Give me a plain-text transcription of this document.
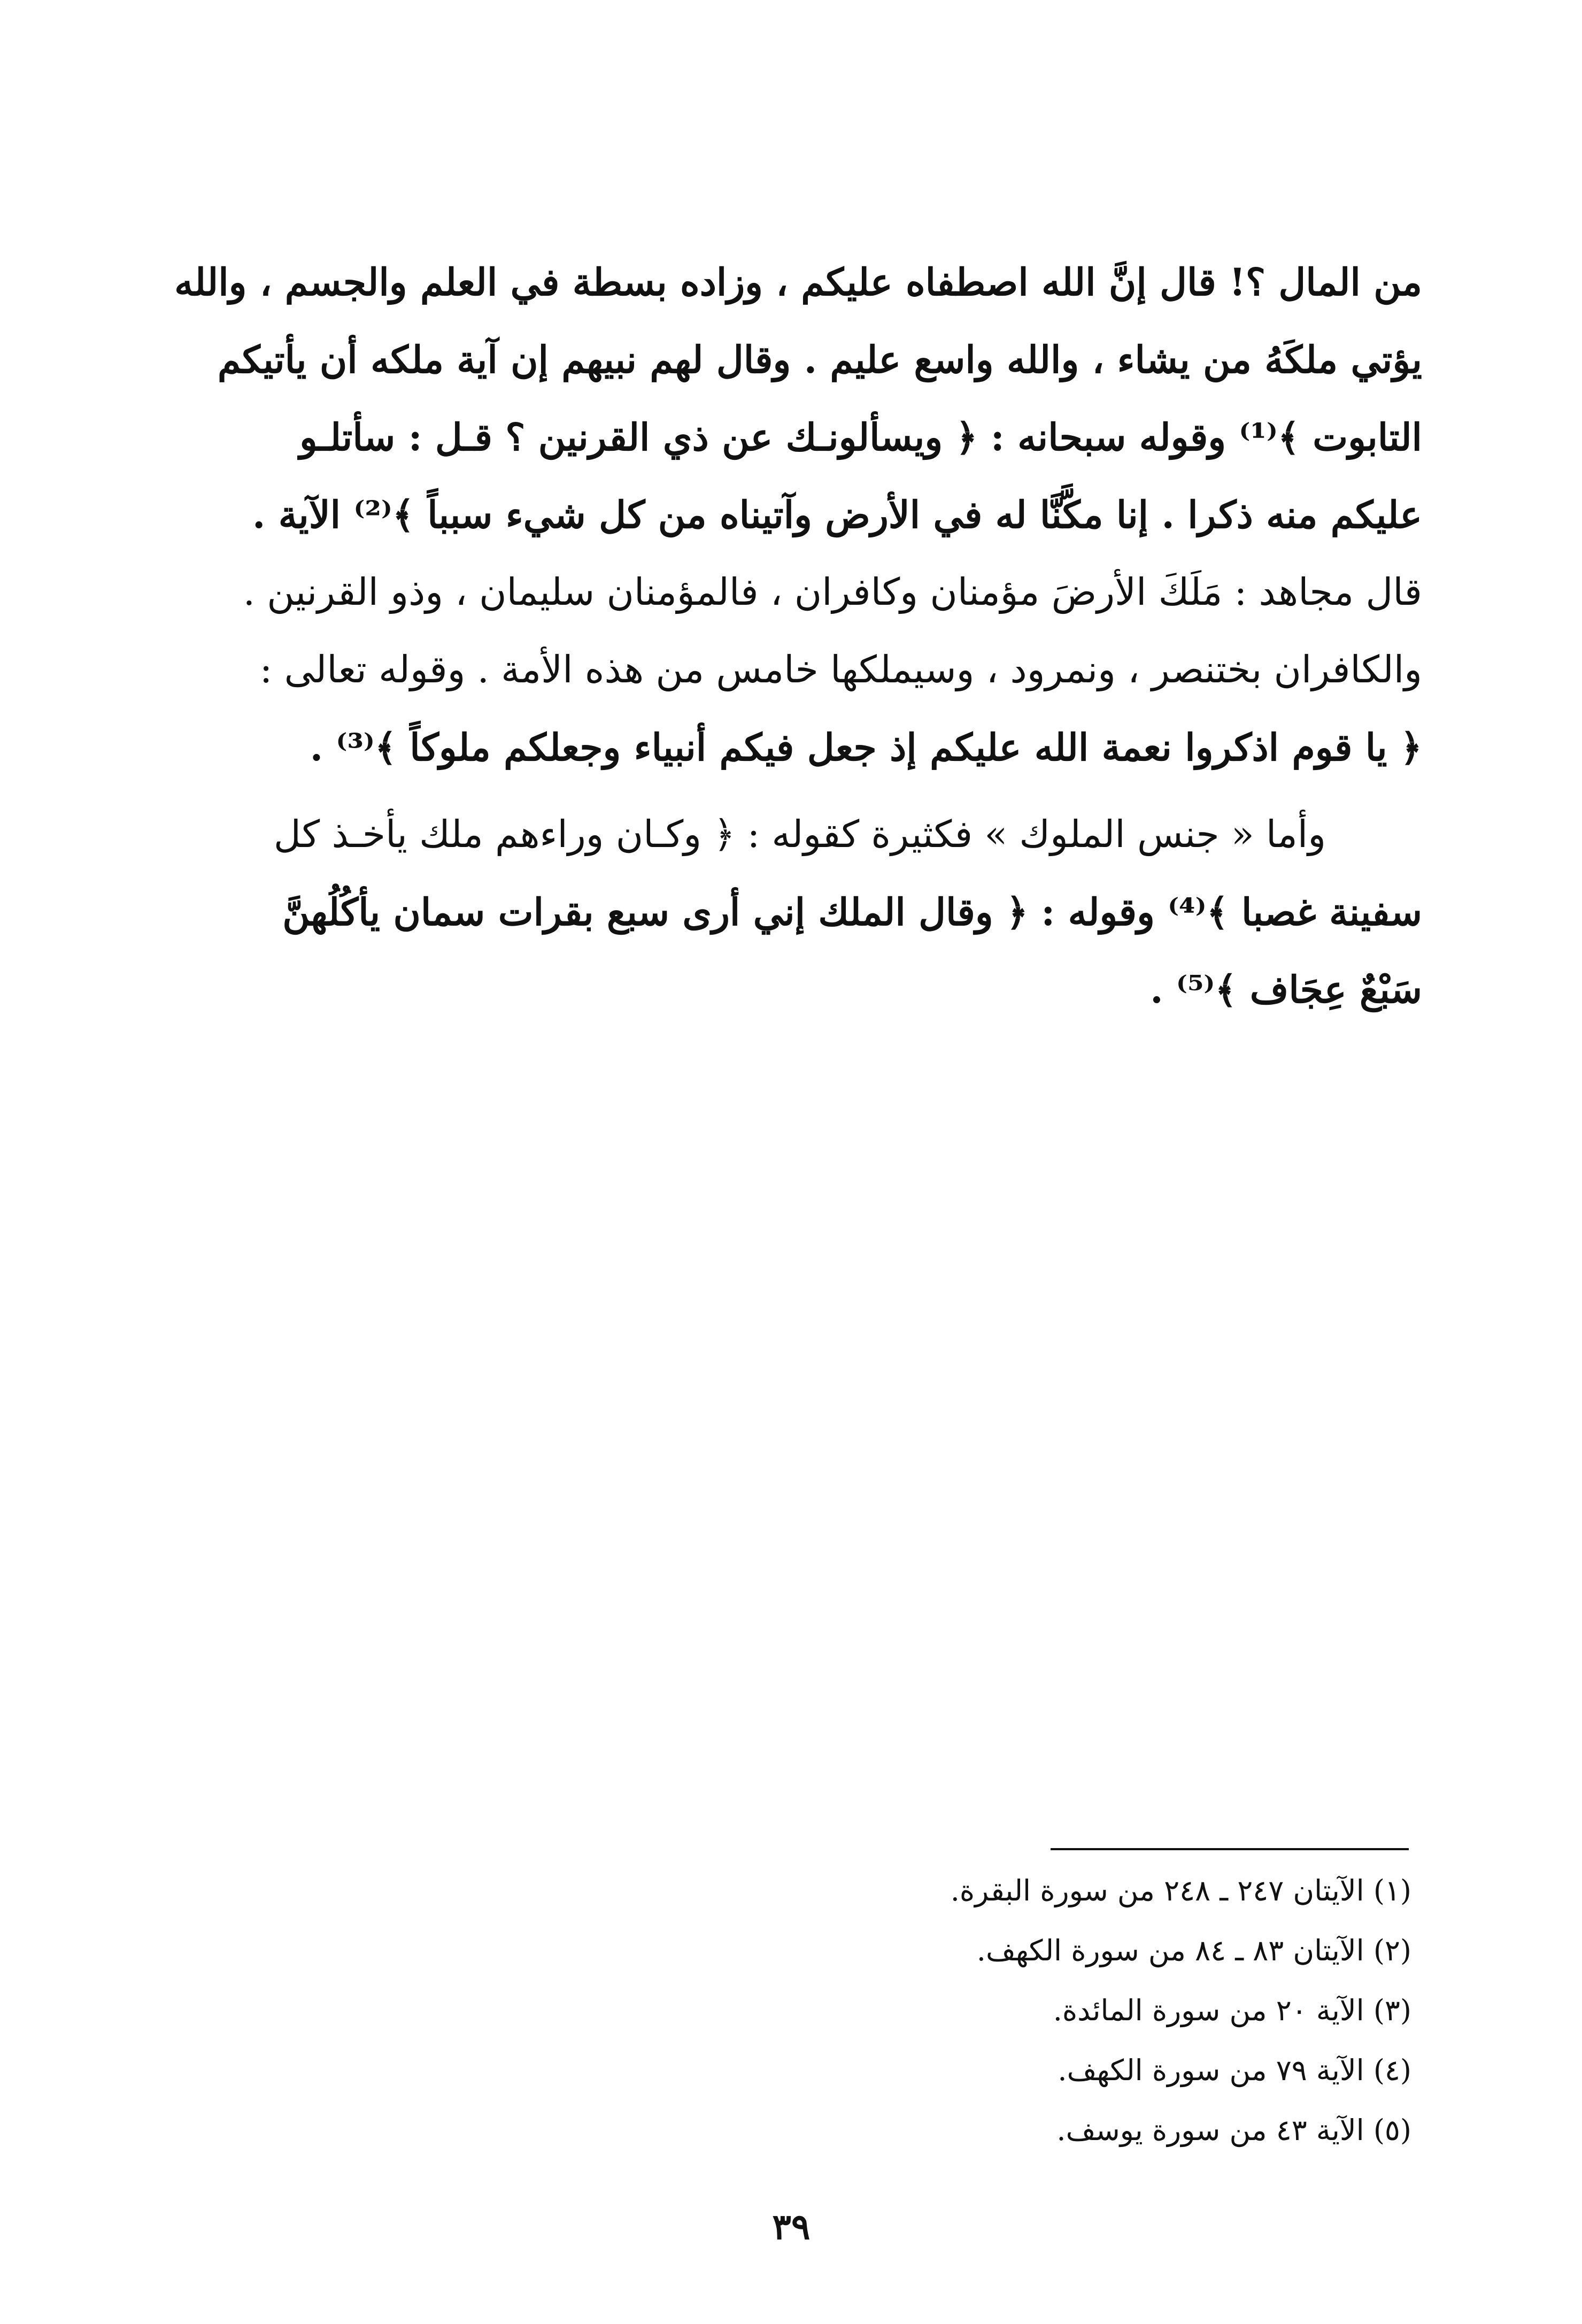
من المال ؟! قال إنَّ الله اصطفاه عليكم ، وزاده بسطة في العلم والجسم ، والله
يؤتي ملكَهُ من يشاء ، والله واسع عليم . وقال لهم نبيهم إن آية ملكه أن يأتيكم
التابوت ﴾⁽¹⁾ وقوله سبحانه : ﴿ ويسألونـك عن ذي القرنين ؟ قـل : سأتلـو
عليكم منه ذكرا . إنا مكَّنَّا له في الأرض وآتيناه من كل شيء سبباً ﴾⁽²⁾ الآية .
قال مجاهد : مَلَكَ الأرضَ مؤمنان وكافران ، فالمؤمنان سليمان ، وذو القرنين .
والكافران بختنصر ، ونمرود ، وسيملكها خامس من هذه الأمة . وقوله تعالى :
﴿ يا قوم اذكروا نعمة الله عليكم إذ جعل فيكم أنبياء وجعلكم ملوكاً ﴾⁽³⁾ .

وأما « جنس الملوك » فكثيرة كقوله : ﴿ وكـان وراءهم ملك يأخـذ كل
سفينة غصبا ﴾⁽⁴⁾ وقوله : ﴿ وقال الملك إني أرى سبع بقرات سمان يأكُلُهنَّ
سَبْعٌ عِجَاف ﴾⁽⁵⁾ .

(١) الآيتان ٢٤٧ ـ ٢٤٨ من سورة البقرة.
(٢) الآيتان ٨٣ ـ ٨٤ من سورة الكهف.
(٣) الآية ٢٠ من سورة المائدة.
(٤) الآية ٧٩ من سورة الكهف.
(٥) الآية ٤٣ من سورة يوسف.
٣٩
